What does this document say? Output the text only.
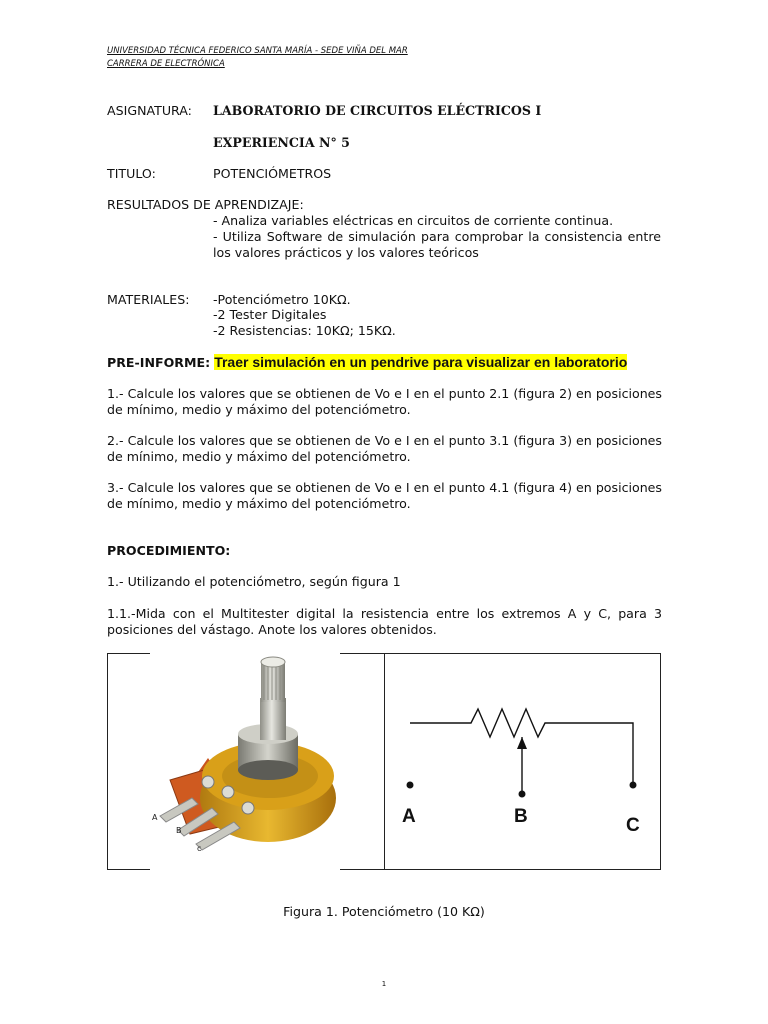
UNIVERSIDAD TÉCNICA FEDERICO SANTA MARÍA - SEDE VIÑA DEL MAR
CARRERA DE ELECTRÓNICA
ASIGNATURA: LABORATORIO DE CIRCUITOS ELÉCTRICOS I
EXPERIENCIA N° 5
TITULO:	POTENCIÓMETROS
RESULTADOS DE APRENDIZAJE:
- Analiza variables eléctricas en circuitos de corriente continua.
- Utiliza Software de simulación para comprobar la consistencia entre
los valores prácticos y los valores teóricos
MATERIALES: -Potenciómetro 10KΩ.
-2 Tester Digitales
-2 Resistencias: 10KΩ; 15KΩ.
PRE-INFORME: Traer simulación en un pendrive para visualizar en laboratorio
1.- Calcule los valores que se obtienen de Vo e I en el punto 2.1 (figura 2) en posiciones de mínimo, medio y máximo del potenciómetro.
2.- Calcule los valores que se obtienen de Vo e I en el punto 3.1 (figura 3) en posiciones de mínimo, medio y máximo del potenciómetro.
3.- Calcule los valores que se obtienen de Vo e I en el punto 4.1 (figura 4) en posiciones de mínimo, medio y máximo del potenciómetro.
PROCEDIMIENTO:
1.- Utilizando el potenciómetro, según figura 1
1.1.-Mida con el Multitester digital la resistencia entre los extremos A y C, para 3 posiciones del vástago. Anote los valores obtenidos.
A
B
c
A	B	C
Figura 1. Potenciómetro (10 KΩ)
1
